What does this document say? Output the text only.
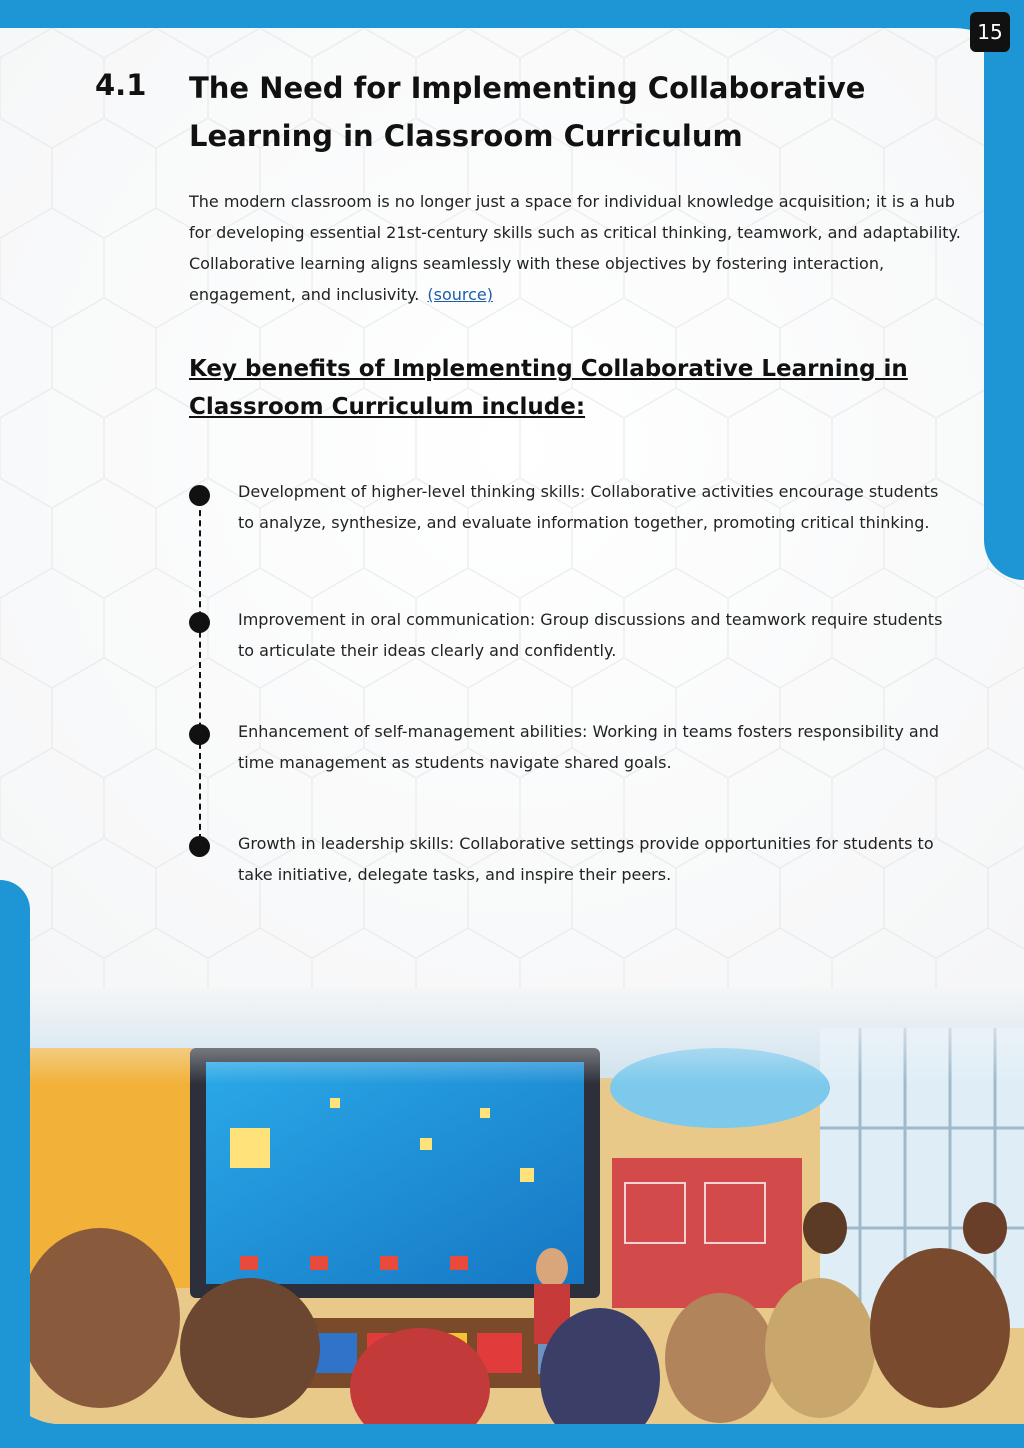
15
4.1 The Need for Implementing Collaborative Learning in Classroom Curriculum

The modern classroom is no longer just a space for individual knowledge acquisition; it is a hub for developing essential 21st-century skills such as critical thinking, teamwork, and adaptability. Collaborative learning aligns seamlessly with these objectives by fostering interaction, engagement, and inclusivity. (source)

Key benefits of Implementing Collaborative Learning in Classroom Curriculum include:

Development of higher-level thinking skills: Collaborative activities encourage students to analyze, synthesize, and evaluate information together, promoting critical thinking.

Improvement in oral communication: Group discussions and teamwork require students to articulate their ideas clearly and confidently.

Enhancement of self-management abilities: Working in teams fosters responsibility and time management as students navigate shared goals.

Growth in leadership skills: Collaborative settings provide opportunities for students to take initiative, delegate tasks, and inspire their peers.
